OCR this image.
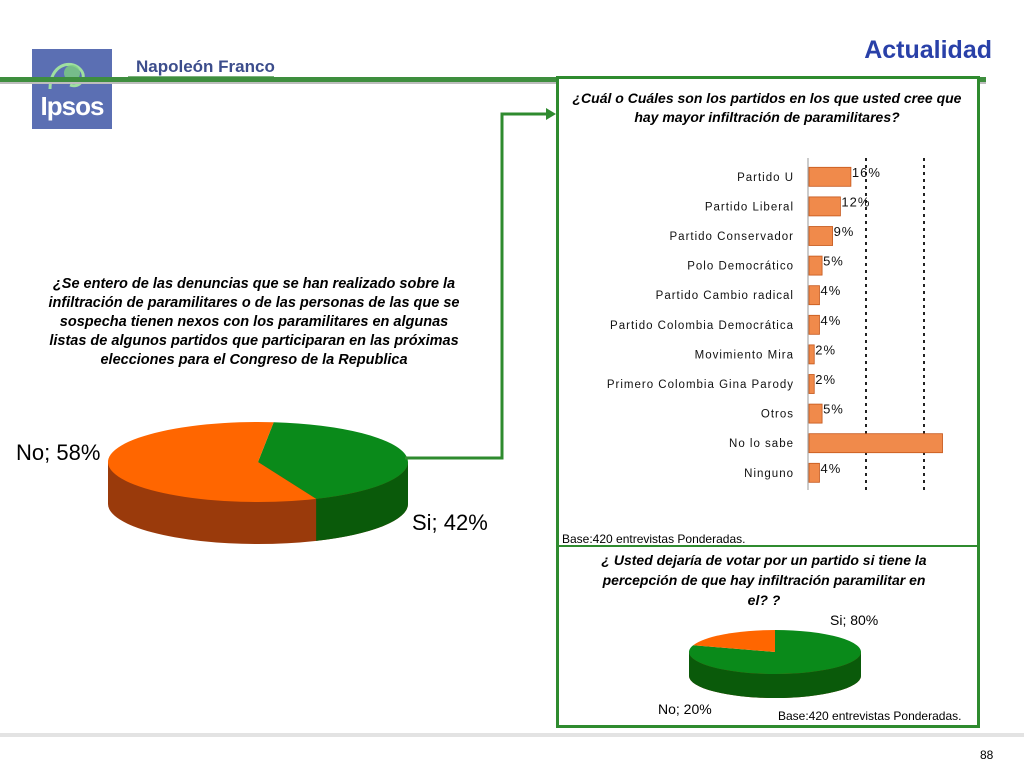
Ipsos
Napoleón Franco
Actualidad
¿Se entero de las denuncias que se han realizado sobre la infiltración de paramilitares o de las personas de las que se sospecha tienen nexos con los paramilitares en algunas listas de algunos partidos que participaran en las próximas elecciones para el Congreso de la Republica
No; 58%
Si; 42%
¿Cuál o Cuáles son los partidos en los que usted cree que hay mayor infiltración de paramilitares?
Partido U	16%
Partido Liberal	12%
Partido Conservador	9%
Polo Democrático 5%
Partido Cambio radical 4%
Partido Colombia Democrática 4%
Movimiento Mira 2%
Primero Colombia Gina Parody 2%
Otros 5%
No lo sabe
Ninguno 4%
Base:420 entrevistas Ponderadas.
¿ Usted dejaría de votar por un partido si tiene la percepción de que hay infiltración paramilitar en el? ?
Si; 80%
No; 20%	Base:420 entrevistas Ponderadas.
88
